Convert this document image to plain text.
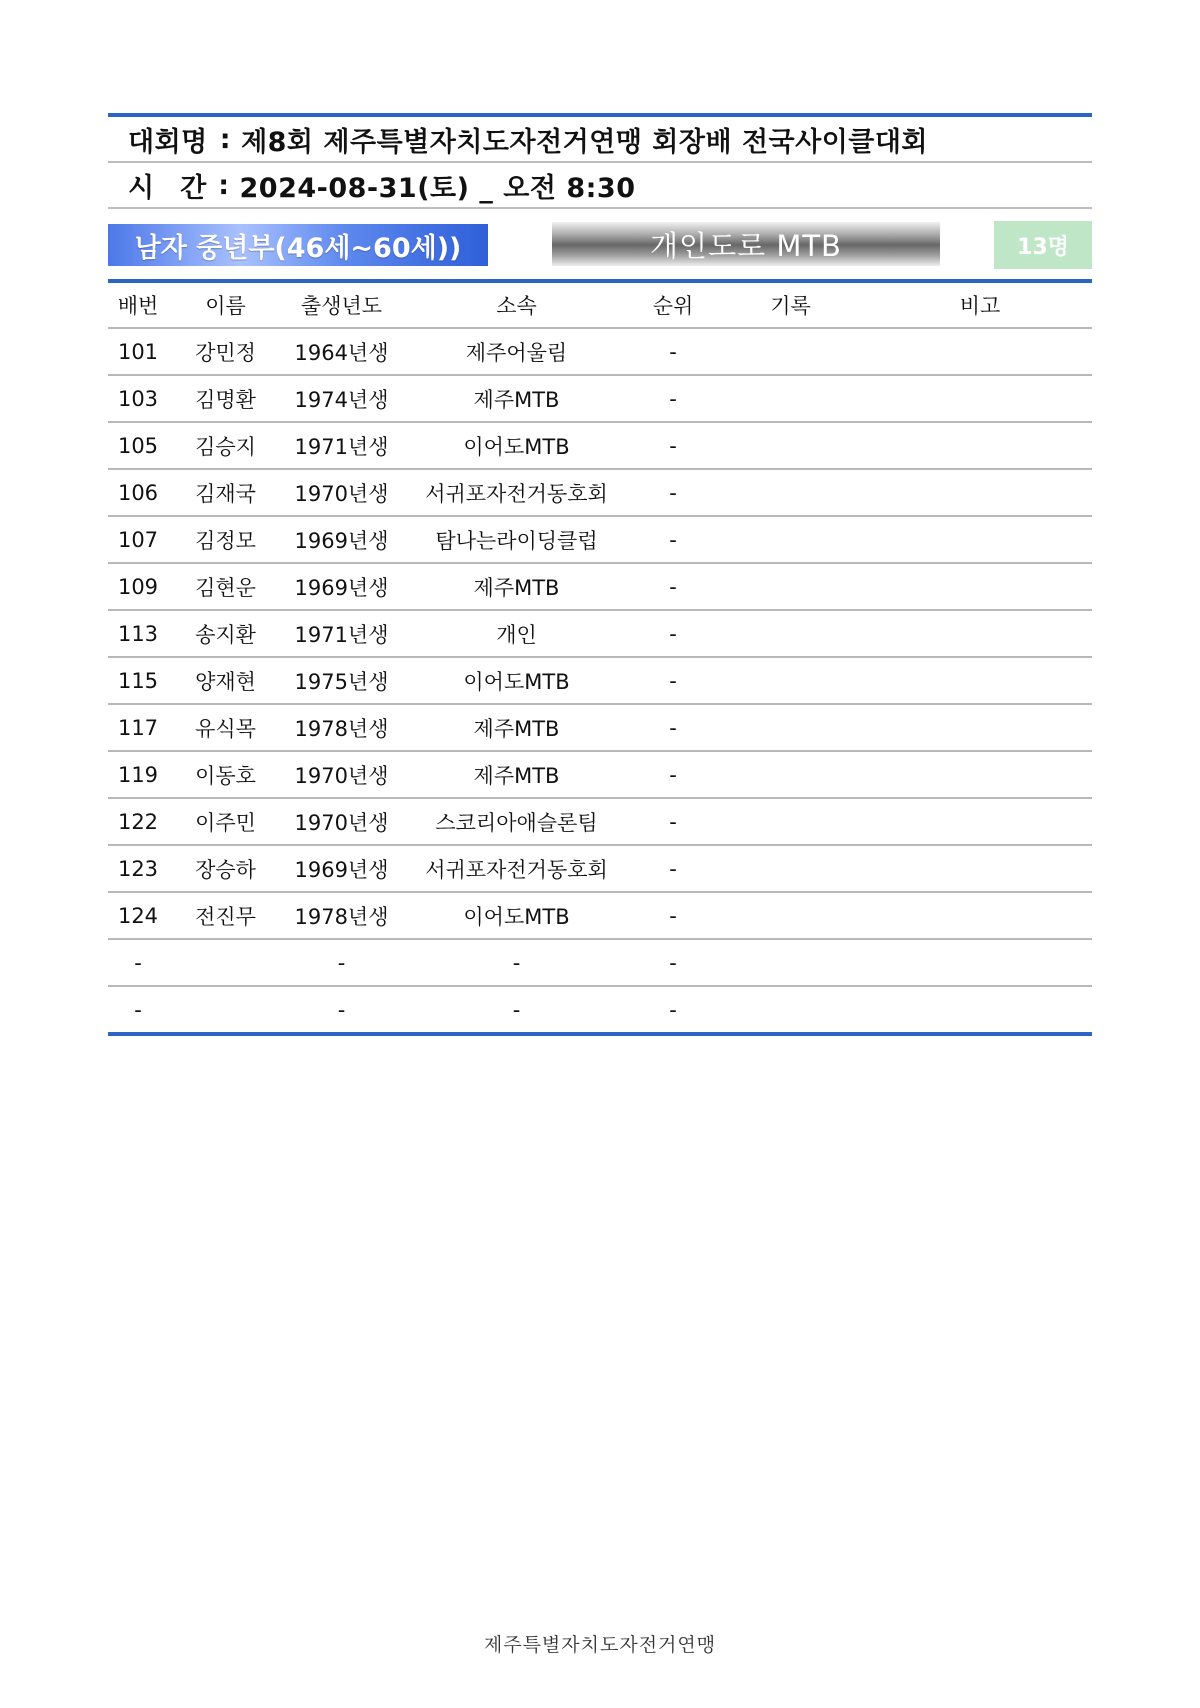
대회명 : 제8회 제주특별자치도자전거연맹 회장배 전국사이클대회
시 간 : 2024-08-31(토) _ 오전 8:30
남자 중년부(46세~60세))	개인도로 MTB	13명
배번	이름	출생년도	소속	순위	기록	비고
101	강민정	1964년생	제주어울림	-		
103	김명환	1974년생	제주MTB	-		
105	김승지	1971년생	이어도MTB	-		
106	김재국	1970년생	서귀포자전거동호회	-		
107	김정모	1969년생	탐나는라이딩클럽	-		
109	김현운	1969년생	제주MTB	-		
113	송지환	1971년생	개인	-		
115	양재현	1975년생	이어도MTB	-		
117	유식목	1978년생	제주MTB	-		
119	이동호	1970년생	제주MTB	-		
122	이주민	1970년생	스코리아애슬론팀	-		
123	장승하	1969년생	서귀포자전거동호회	-		
124	전진무	1978년생	이어도MTB	-		
-		-	-	-		
-		-	-	-		
제주특별자치도자전거연맹
